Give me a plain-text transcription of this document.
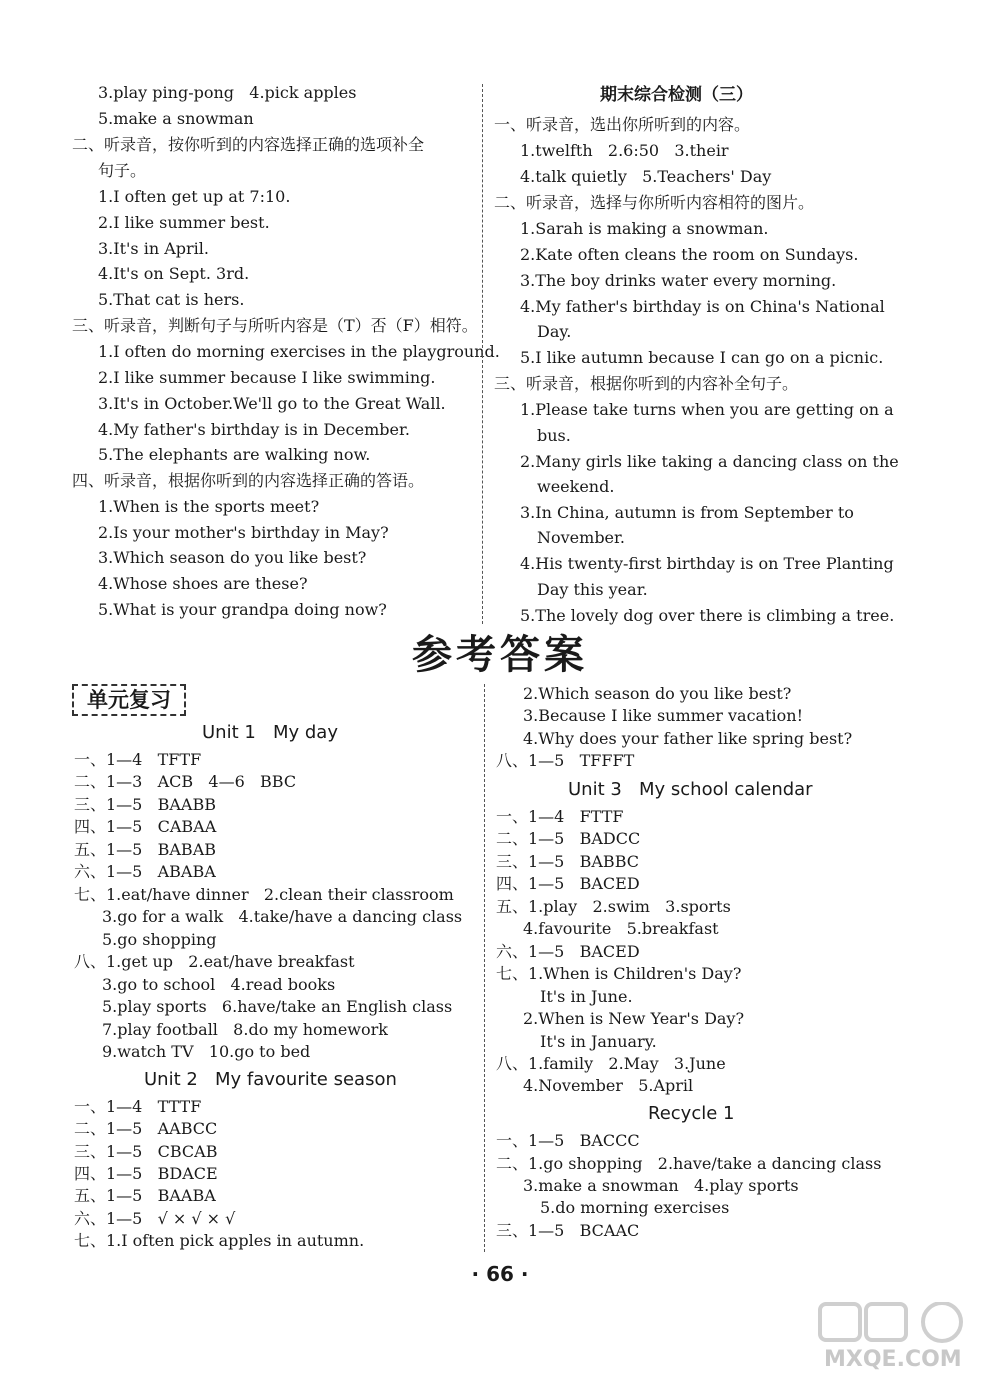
3.play ping-pong   4.pick apples
5.make a snowman
二、听录音，按你听到的内容选择正确的选项补全
句子。
1.I often get up at 7:10.
2.I like summer best.
3.It's in April.
4.It's on Sept. 3rd.
5.That cat is hers.
三、听录音，判断句子与所听内容是（T）否（F）相符。
1.I often do morning exercises in the playground.
2.I like summer because I like swimming.
3.It's in October.We'll go to the Great Wall.
4.My father's birthday is in December.
5.The elephants are walking now.
四、听录音，根据你听到的内容选择正确的答语。
1.When is the sports meet?
2.Is your mother's birthday in May?
3.Which season do you like best?
4.Whose shoes are these?
5.What is your grandpa doing now?
期末综合检测（三）
一、听录音，选出你所听到的内容。
1.twelfth   2.6:50   3.their
4.talk quietly   5.Teachers' Day
二、听录音，选择与你所听内容相符的图片。
1.Sarah is making a snowman.
2.Kate often cleans the room on Sundays.
3.The boy drinks water every morning.
4.My father's birthday is on China's National
Day.
5.I like autumn because I can go on a picnic.
三、听录音，根据你听到的内容补全句子。
1.Please take turns when you are getting on a
bus.
2.Many girls like taking a dancing class on the
weekend.
3.In China, autumn is from September to
November.
4.His twenty-first birthday is on Tree Planting
Day this year.
5.The lovely dog over there is climbing a tree.
参考答案
单元复习
Unit 1   My day
一、1—4   TFTF
二、1—3   ACB   4—6   BBC
三、1—5   BAABB
四、1—5   CABAA
五、1—5   BABAB
六、1—5   ABABA
七、1.eat/have dinner   2.clean their classroom
3.go for a walk   4.take/have a dancing class
5.go shopping
八、1.get up   2.eat/have breakfast
3.go to school   4.read books
5.play sports   6.have/take an English class
7.play football   8.do my homework
9.watch TV   10.go to bed
Unit 2   My favourite season
一、1—4   TTTF
二、1—5   AABCC
三、1—5   CBCAB
四、1—5   BDACE
五、1—5   BAABA
六、1—5   √ × √ × √
七、1.I often pick apples in autumn.
2.Which season do you like best?
3.Because I like summer vacation!
4.Why does your father like spring best?
八、1—5   TFFFT
Unit 3   My school calendar
一、1—4   FTTF
二、1—5   BADCC
三、1—5   BABBC
四、1—5   BACED
五、1.play   2.swim   3.sports
4.favourite   5.breakfast
六、1—5   BACED
七、1.When is Children's Day?
It's in June.
2.When is New Year's Day?
It's in January.
八、1.family   2.May   3.June
4.November   5.April
Recycle 1
一、1—5   BACCC
二、1.go shopping   2.have/take a dancing class
3.make a snowman   4.play sports
5.do morning exercises
三、1—5   BCAAC
· 66 ·
MXQE.COM
